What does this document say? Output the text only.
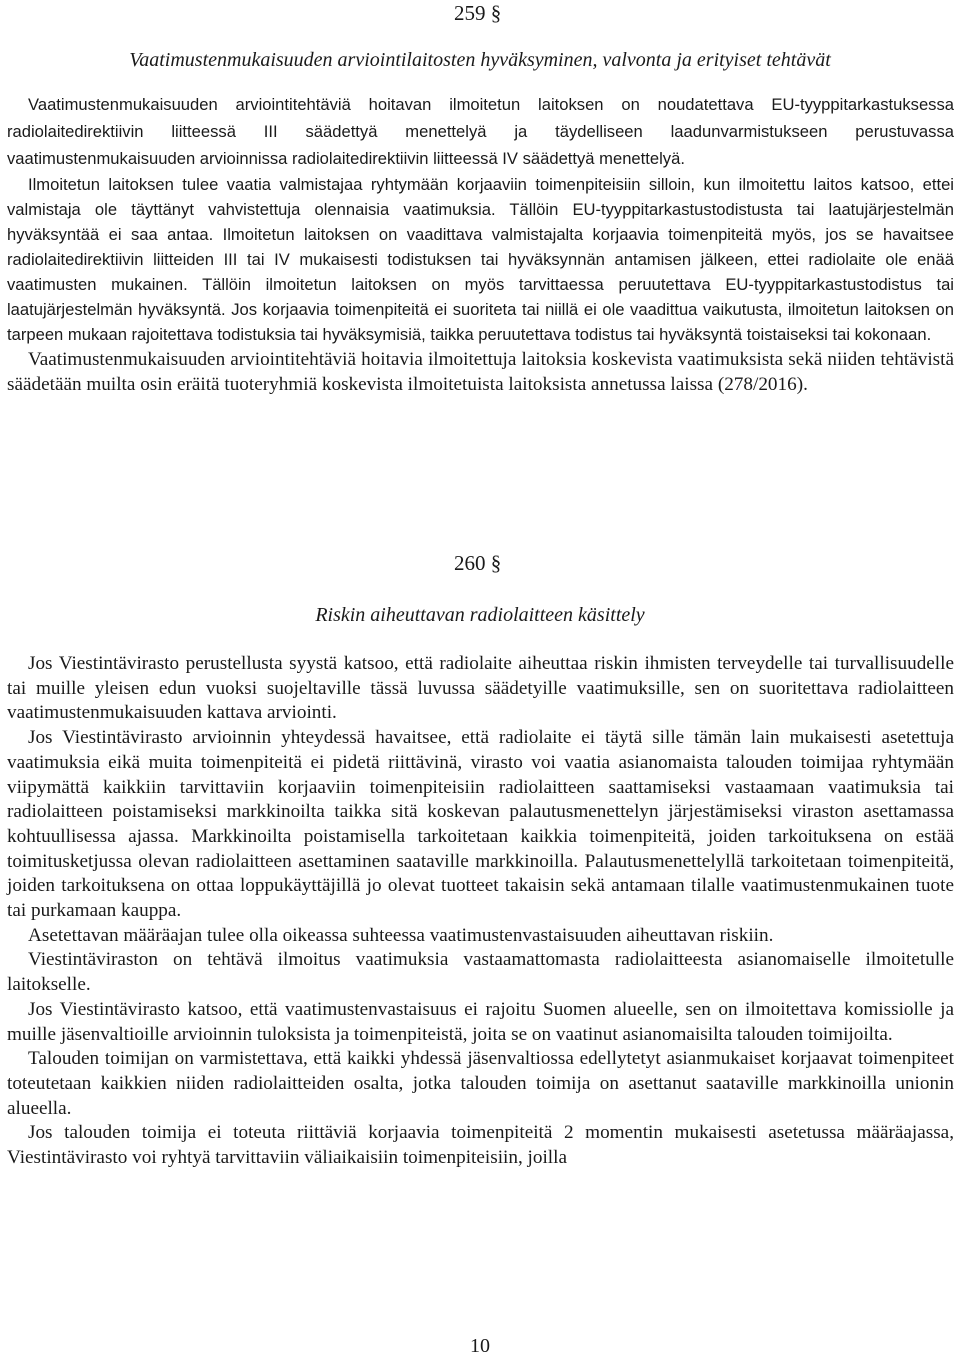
259 §
Vaatimustenmukaisuuden arviointilaitosten hyväksyminen, valvonta ja erityiset tehtävät

Vaatimustenmukaisuuden arviointitehtäviä hoitavan ilmoitetun laitoksen on noudatettava EU-tyyppitarkastuksessa radiolaitedirektiivin liitteessä III säädettyä menettelyä ja täydelliseen laadunvarmistukseen perustuvassa vaatimustenmukaisuuden arvioinnissa radiolaitedirektiivin liitteessä IV säädettyä menettelyä.

Ilmoitetun laitoksen tulee vaatia valmistajaa ryhtymään korjaaviin toimenpiteisiin silloin, kun ilmoitettu laitos katsoo, ettei valmistaja ole täyttänyt vahvistettuja olennaisia vaatimuksia. Tällöin EU-tyyppitarkastustodistusta tai laatujärjestelmän hyväksyntää ei saa antaa. Ilmoitetun laitoksen on vaadittava valmistajalta korjaavia toimenpiteitä myös, jos se havaitsee radiolaitedirektiivin liitteiden III tai IV mukaisesti todistuksen tai hyväksynnän antamisen jälkeen, ettei radiolaite ole enää vaatimusten mukainen. Tällöin ilmoitetun laitoksen on myös tarvittaessa peruutettava EU-tyyppitarkastustodistus tai laatujärjestelmän hyväksyntä. Jos korjaavia toimenpiteitä ei suoriteta tai niillä ei ole vaadittua vaikutusta, ilmoitetun laitoksen on tarpeen mukaan rajoitettava todistuksia tai hyväksymisiä, taikka peruutettava todistus tai hyväksyntä toistaiseksi tai kokonaan.

Vaatimustenmukaisuuden arviointitehtäviä hoitavia ilmoitettuja laitoksia koskevista vaatimuksista sekä niiden tehtävistä säädetään muilta osin eräitä tuoteryhmiä koskevista ilmoitetuista laitoksista annetussa laissa (278/2016).

260 §
Riskin aiheuttavan radiolaitteen käsittely

Jos Viestintävirasto perustellusta syystä katsoo, että radiolaite aiheuttaa riskin ihmisten terveydelle tai turvallisuudelle tai muille yleisen edun vuoksi suojeltaville tässä luvussa säädetyille vaatimuksille, sen on suoritettava radiolaitteen vaatimustenmukaisuuden kattava arviointi.

Jos Viestintävirasto arvioinnin yhteydessä havaitsee, että radiolaite ei täytä sille tämän lain mukaisesti asetettuja vaatimuksia eikä muita toimenpiteitä ei pidetä riittävinä, virasto voi vaatia asianomaista talouden toimijaa ryhtymään viipymättä kaikkiin tarvittaviin korjaaviin toimenpiteisiin radiolaitteen saattamiseksi vastaamaan vaatimuksia tai radiolaitteen poistamiseksi markkinoilta taikka sitä koskevan palautusmenettelyn järjestämiseksi viraston asettamassa kohtuullisessa ajassa. Markkinoilta poistamisella tarkoitetaan kaikkia toimenpiteitä, joiden tarkoituksena on estää toimitusketjussa olevan radiolaitteen asettaminen saataville markkinoilla. Palautusmenettelyllä tarkoitetaan toimenpiteitä, joiden tarkoituksena on ottaa loppukäyttäjillä jo olevat tuotteet takaisin sekä antamaan tilalle vaatimustenmukainen tuote tai purkamaan kauppa.

Asetettavan määräajan tulee olla oikeassa suhteessa vaatimustenvastaisuuden aiheuttavan riskiin.

Viestintäviraston on tehtävä ilmoitus vaatimuksia vastaamattomasta radiolaitteesta asianomaiselle ilmoitetulle laitokselle.

Jos Viestintävirasto katsoo, että vaatimustenvastaisuus ei rajoitu Suomen alueelle, sen on ilmoitettava komissiolle ja muille jäsenvaltioille arvioinnin tuloksista ja toimenpiteistä, joita se on vaatinut asianomaisilta talouden toimijoilta.

Talouden toimijan on varmistettava, että kaikki yhdessä jäsenvaltiossa edellytetyt asianmukaiset korjaavat toimenpiteet toteutetaan kaikkien niiden radiolaitteiden osalta, jotka talouden toimija on asettanut saataville markkinoilla unionin alueella.

Jos talouden toimija ei toteuta riittäviä korjaavia toimenpiteitä 2 momentin mukaisesti asetetussa määräajassa, Viestintävirasto voi ryhtyä tarvittaviin väliaikaisiin toimenpiteisiin, joilla

10
